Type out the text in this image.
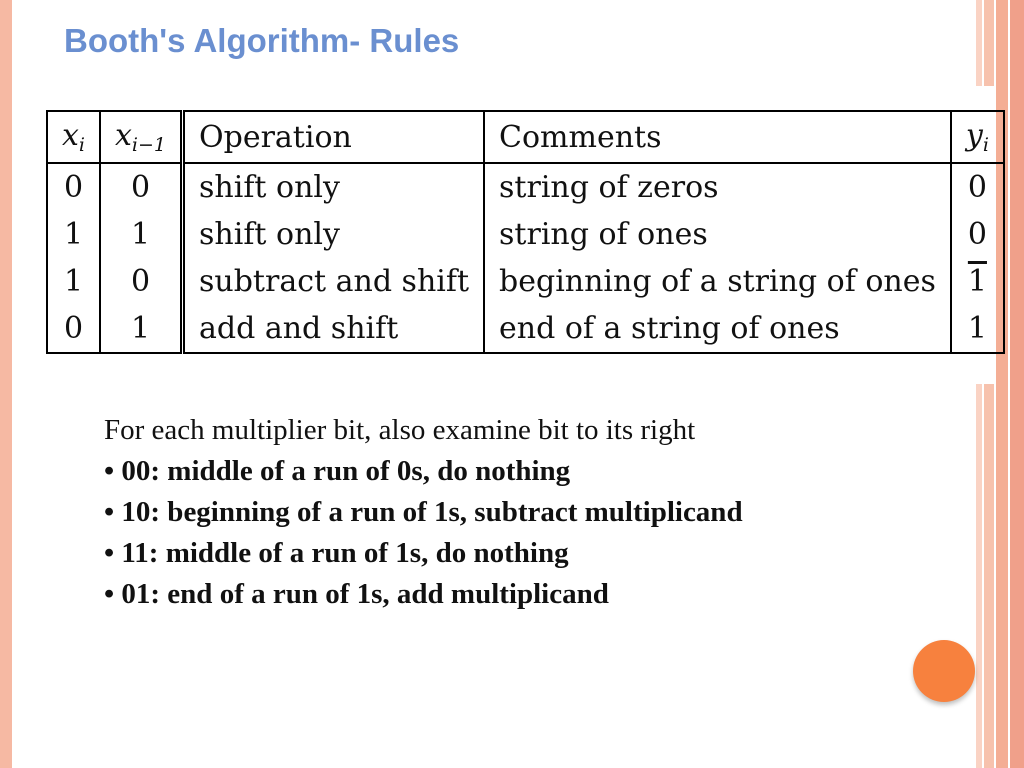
Booth's Algorithm- Rules
$x_i$	$x_{i-1}$	Operation	Comments	$y_i$
0	0	shift only	string of zeros	0
1	1	shift only	string of ones	0
1	0	subtract and shift	beginning of a string of ones	1
0	1	add and shift	end of a string of ones	1
For each multiplier bit, also examine bit to its right
• 00: middle of a run of 0s, do nothing
• 10: beginning of a run of 1s, subtract multiplicand
• 11: middle of a run of 1s, do nothing
• 01: end of a run of 1s, add multiplicand
